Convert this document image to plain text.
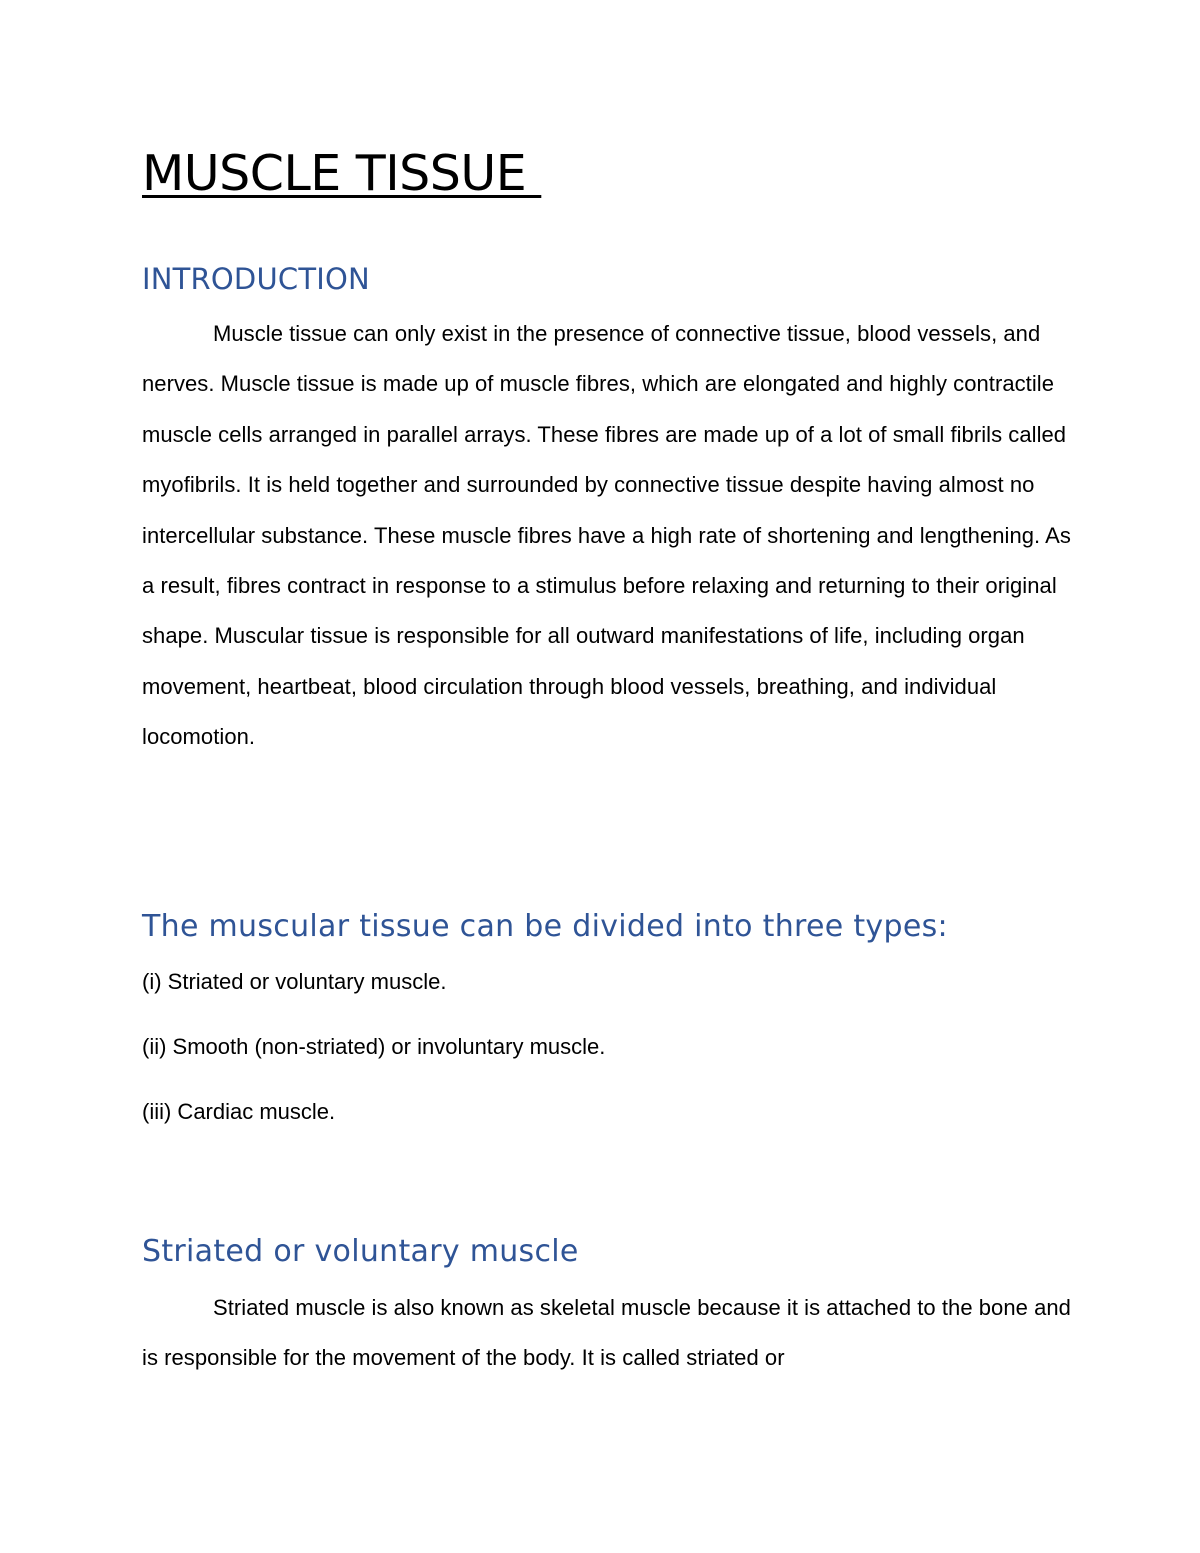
MUSCLE TISSUE
INTRODUCTION

Muscle tissue can only exist in the presence of connective tissue, blood vessels, and nerves. Muscle tissue is made up of muscle fibres, which are elongated and highly contractile muscle cells arranged in parallel arrays. These fibres are made up of a lot of small fibrils called myofibrils. It is held together and surrounded by connective tissue despite having almost no intercellular substance. These muscle fibres have a high rate of shortening and lengthening. As a result, fibres contract in response to a stimulus before relaxing and returning to their original shape. Muscular tissue is responsible for all outward manifestations of life, including organ movement, heartbeat, blood circulation through blood vessels, breathing, and individual locomotion.

The muscular tissue can be divided into three types:

(i) Striated or voluntary muscle.

(ii) Smooth (non-striated) or involuntary muscle.

(iii) Cardiac muscle.

Striated or voluntary muscle

Striated muscle is also known as skeletal muscle because it is attached to the bone and is responsible for the movement of the body. It is called striated or
